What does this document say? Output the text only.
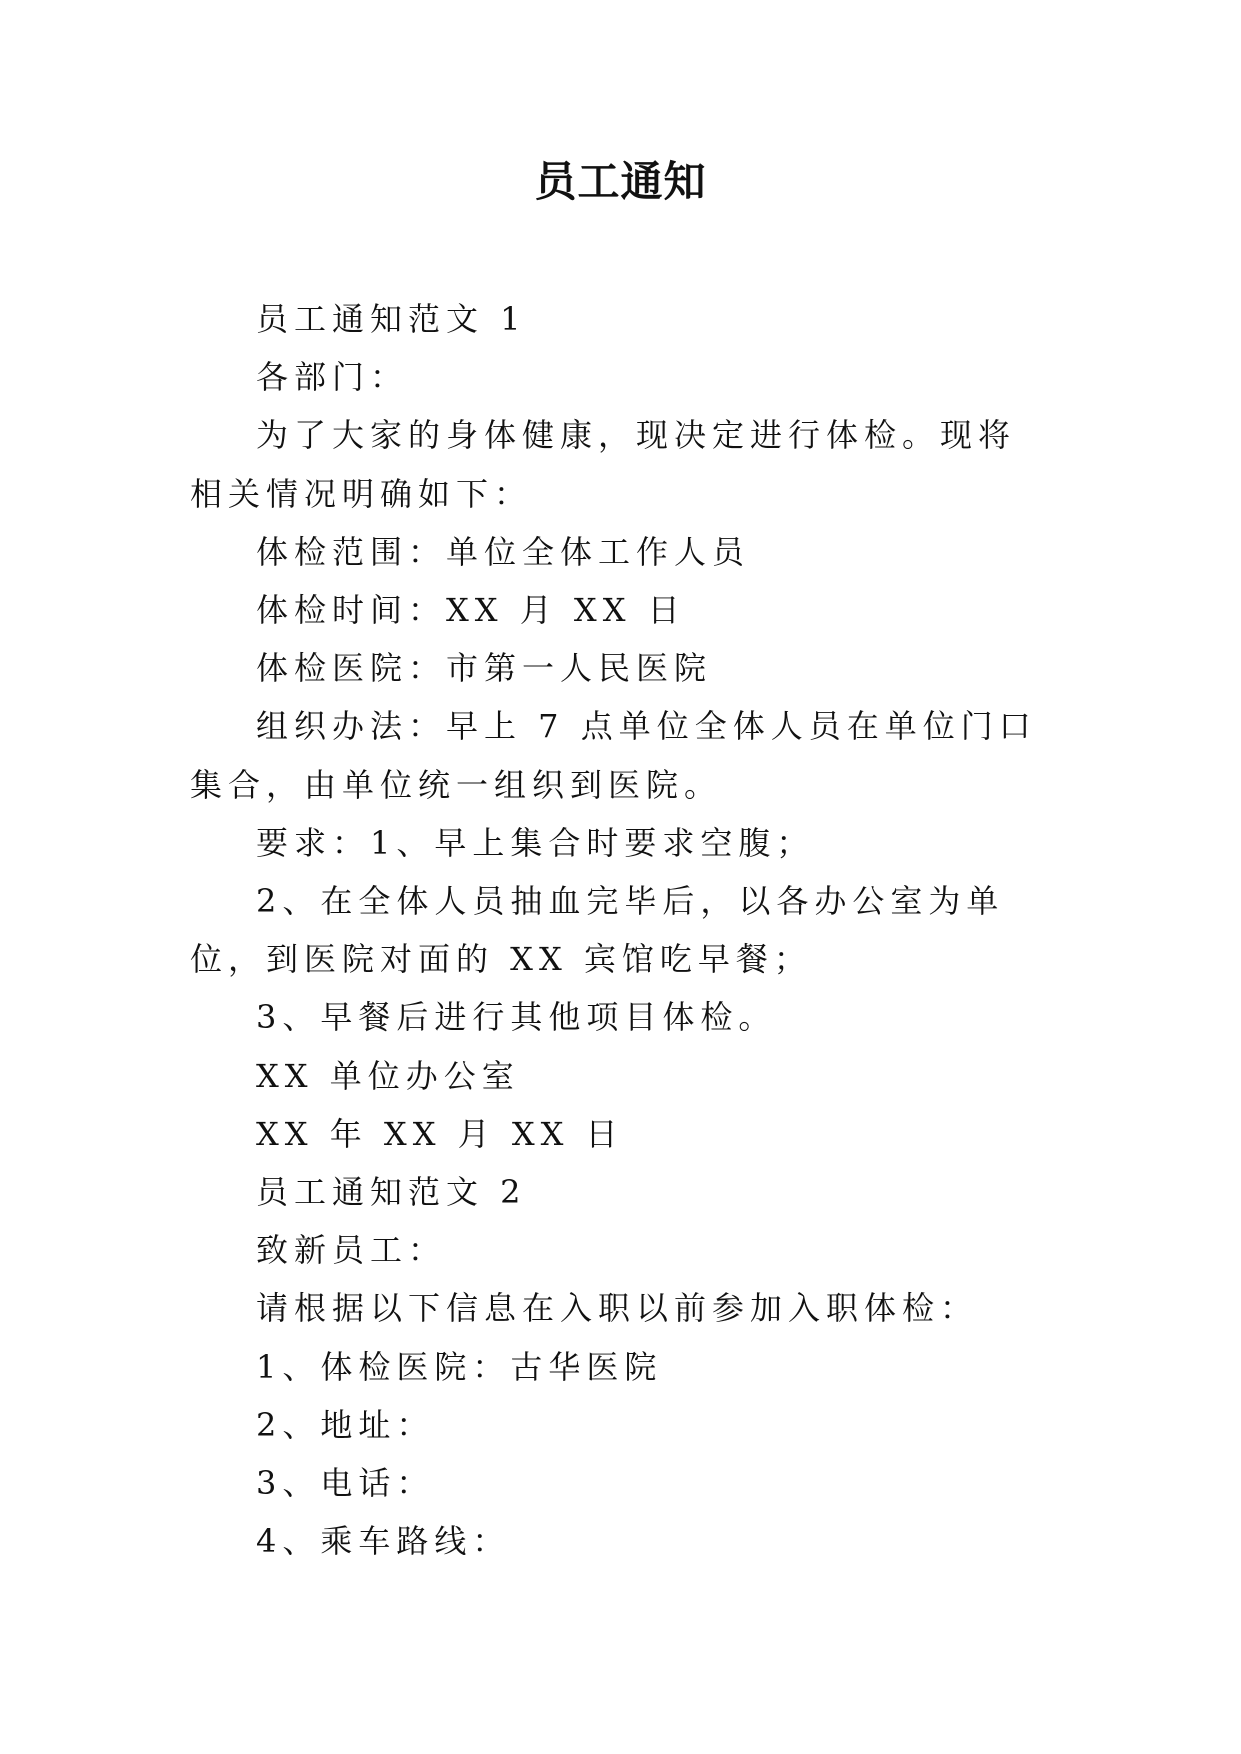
员工通知

员工通知范文 1

各部门：

为了大家的身体健康，现决定进行体检。现将相关情况明确如下：

体检范围：单位全体工作人员

体检时间：XX 月 XX 日

体检医院：市第一人民医院

组织办法：早上 7 点单位全体人员在单位门口集合，由单位统一组织到医院。

要求：1、早上集合时要求空腹；

2、在全体人员抽血完毕后，以各办公室为单位，到医院对面的 XX 宾馆吃早餐；

3、早餐后进行其他项目体检。

XX 单位办公室

XX 年 XX 月 XX 日

员工通知范文 2

致新员工：

请根据以下信息在入职以前参加入职体检：

1、体检医院：古华医院

2、地址：

3、电话：

4、乘车路线：
